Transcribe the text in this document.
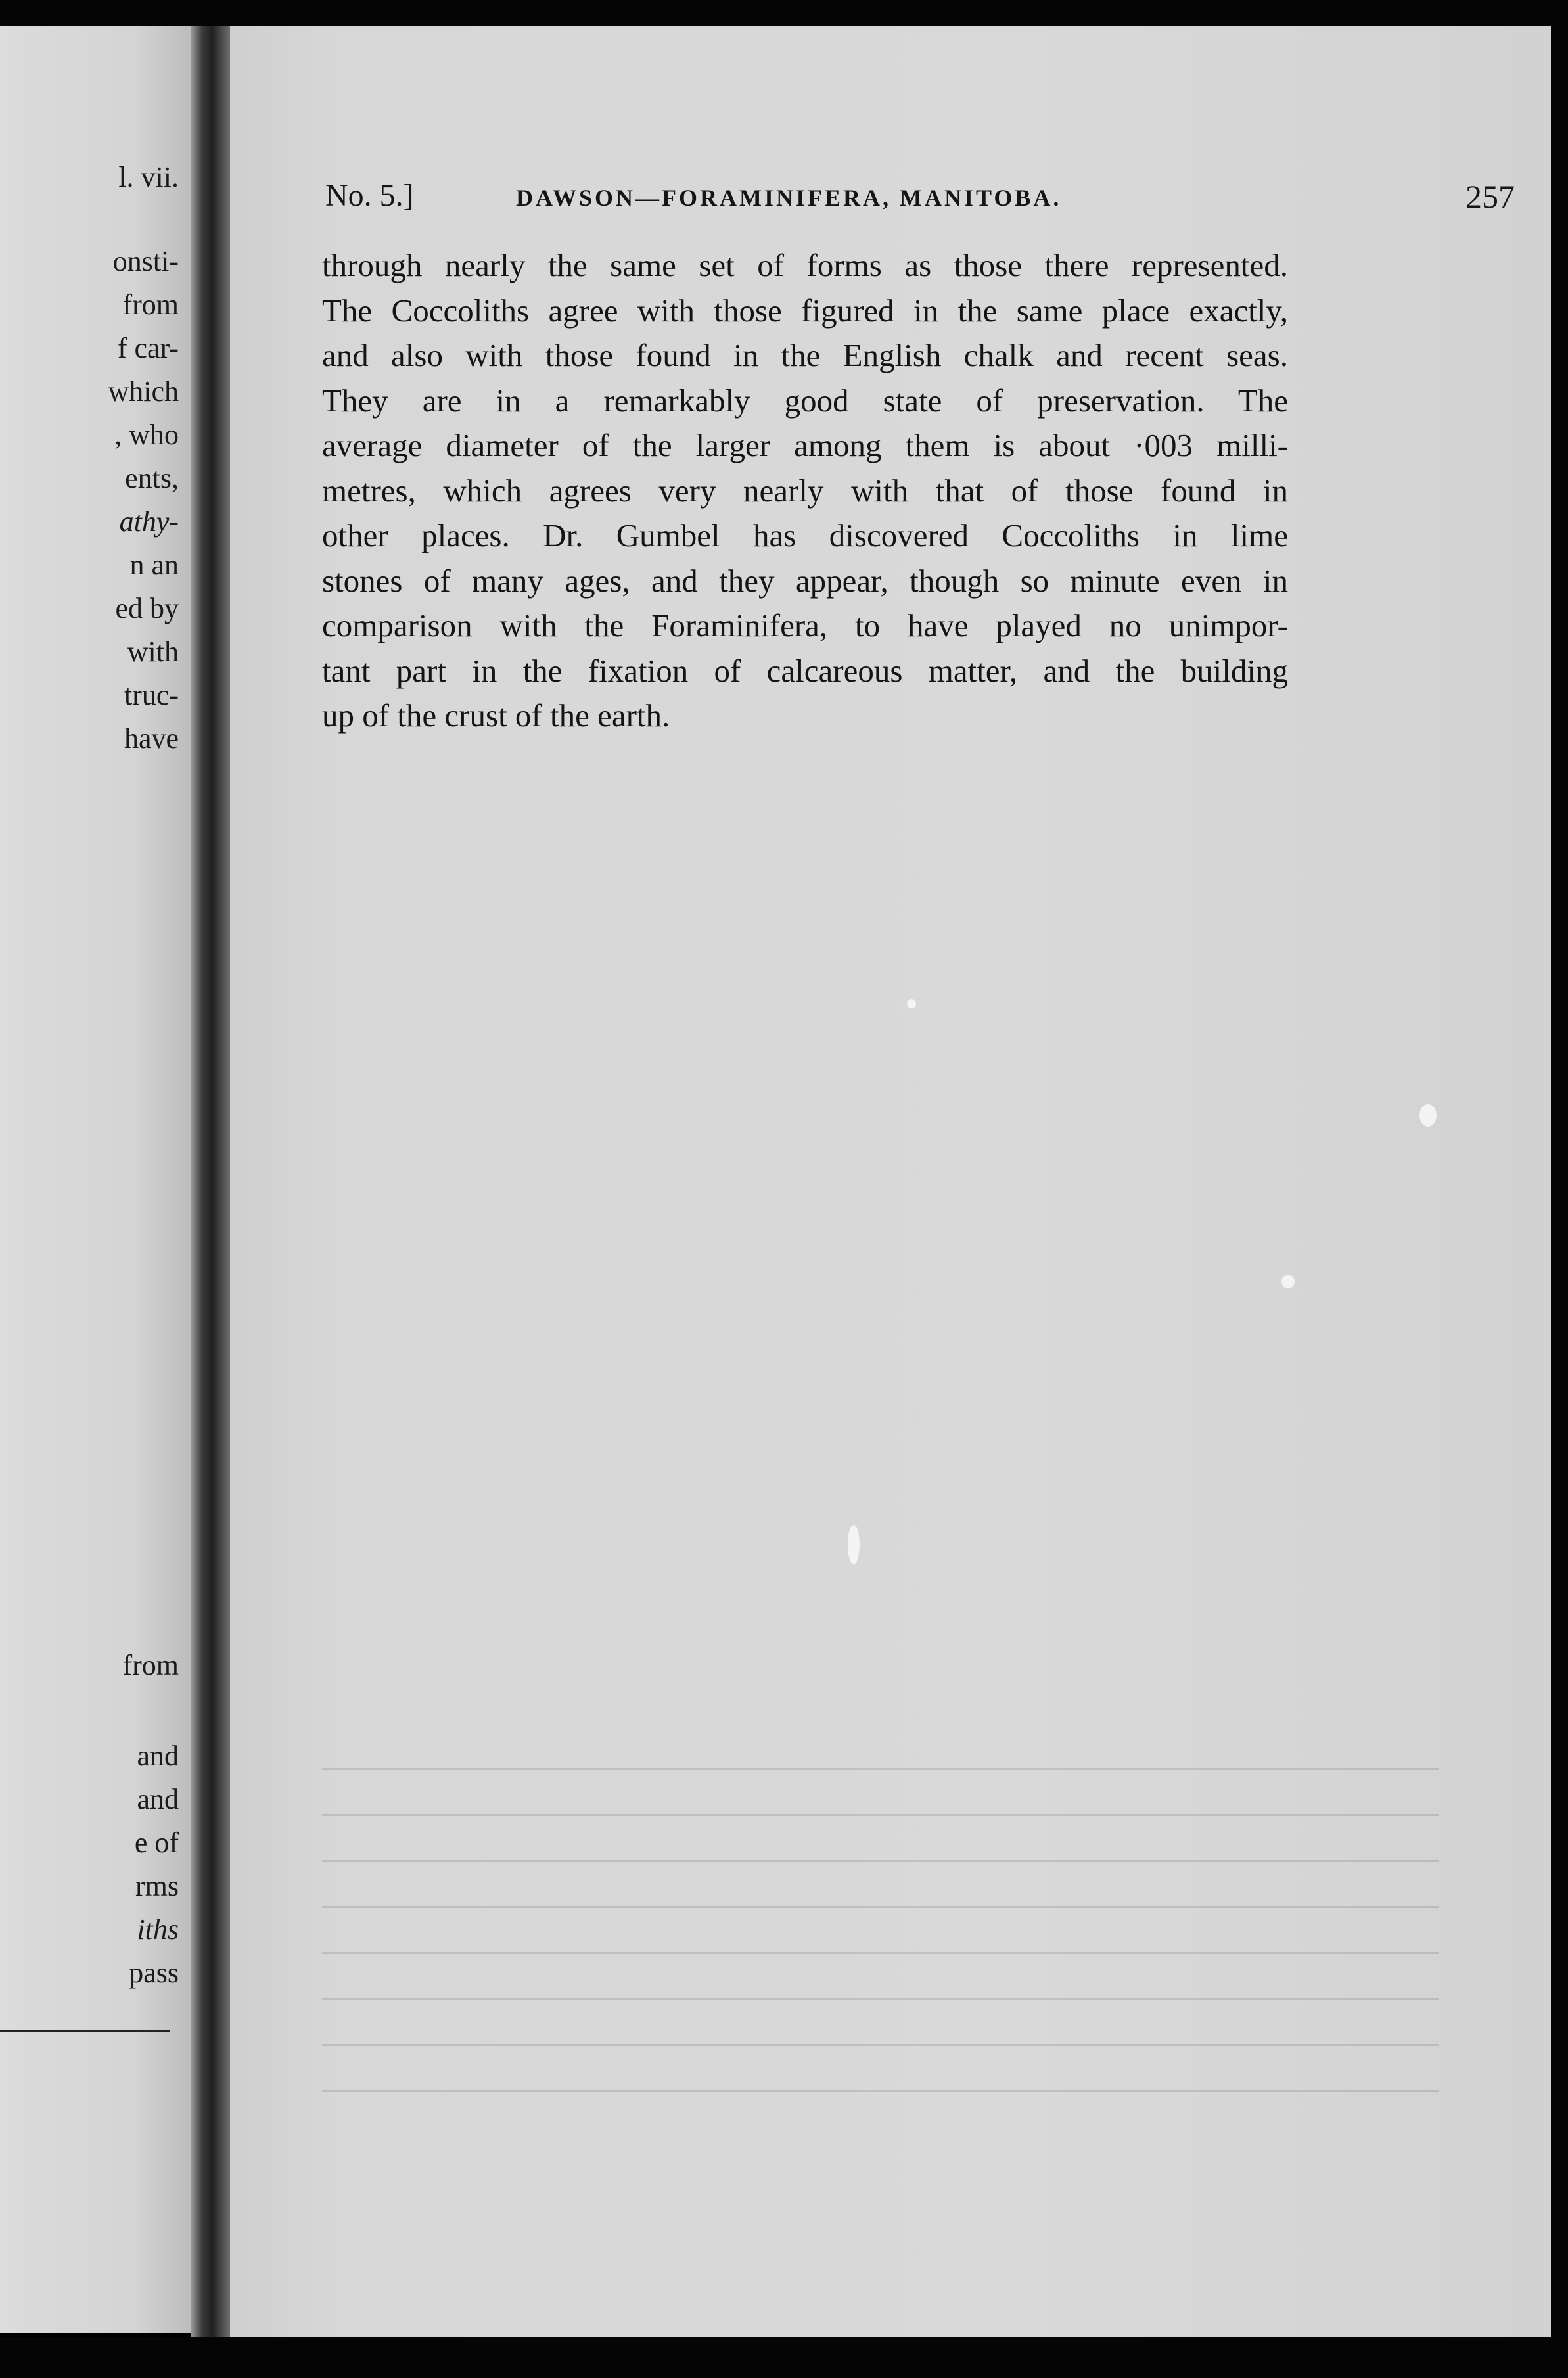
l. vii.
onsti-
from
f car-
which
, who
ents,
athy-
n an
ed by
with
truc-
have
from
and
and
e of
rms
iths
pass
No. 5.]	DAWSON—FORAMINIFERA, MANITOBA.	257
through nearly the same set of forms as those there represented.
The Coccoliths agree with those figured in the same place exactly,
and also with those found in the English chalk and recent seas.
They are in a remarkably good state of preservation. The
average diameter of the larger among them is about ·003 milli-
metres, which agrees very nearly with that of those found in
other places. Dr. Gumbel has discovered Coccoliths in lime
stones of many ages, and they appear, though so minute even in
comparison with the Foraminifera, to have played no unimpor-
tant part in the fixation of calcareous matter, and the building
up of the crust of the earth.
